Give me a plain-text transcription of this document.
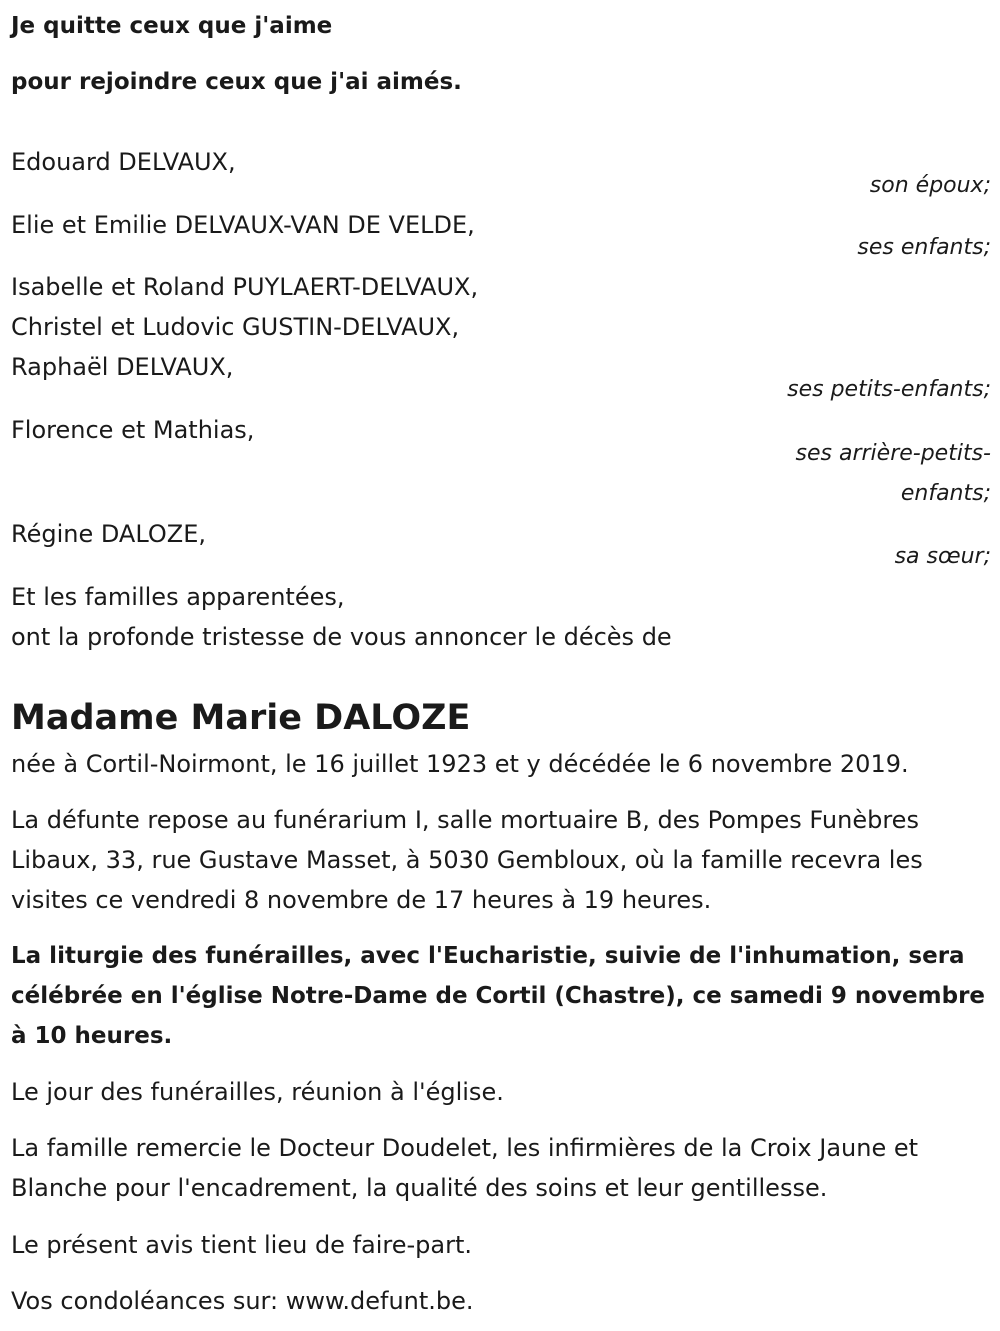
Je quitte ceux que j'aime

pour rejoindre ceux que j'ai aimés.

Edouard DELVAUX,

son époux;

Elie et Emilie DELVAUX-VAN DE VELDE,

ses enfants;

Isabelle et Roland PUYLAERT-DELVAUX,

Christel et Ludovic GUSTIN-DELVAUX,

Raphaël DELVAUX,

ses petits-enfants;

Florence et Mathias,

ses arrière-petits-

enfants;

Régine DALOZE,

sa sœur;

Et les familles apparentées,

ont la profonde tristesse de vous annoncer le décès de

Madame Marie DALOZE

née à Cortil-Noirmont, le 16 juillet 1923 et y décédée le 6 novembre 2019.

La défunte repose au funérarium I, salle mortuaire B, des Pompes Funèbres Libaux, 33, rue Gustave Masset, à 5030 Gembloux, où la famille recevra les visites ce vendredi 8 novembre de 17 heures à 19 heures.

La liturgie des funérailles, avec l'Eucharistie, suivie de l'inhumation, sera célébrée en l'église Notre-Dame de Cortil (Chastre), ce samedi 9 novembre à 10 heures.

Le jour des funérailles, réunion à l'église.

La famille remercie le Docteur Doudelet, les infirmières de la Croix Jaune et Blanche pour l'encadrement, la qualité des soins et leur gentillesse.

Le présent avis tient lieu de faire-part.

Vos condoléances sur: www.defunt.be.
